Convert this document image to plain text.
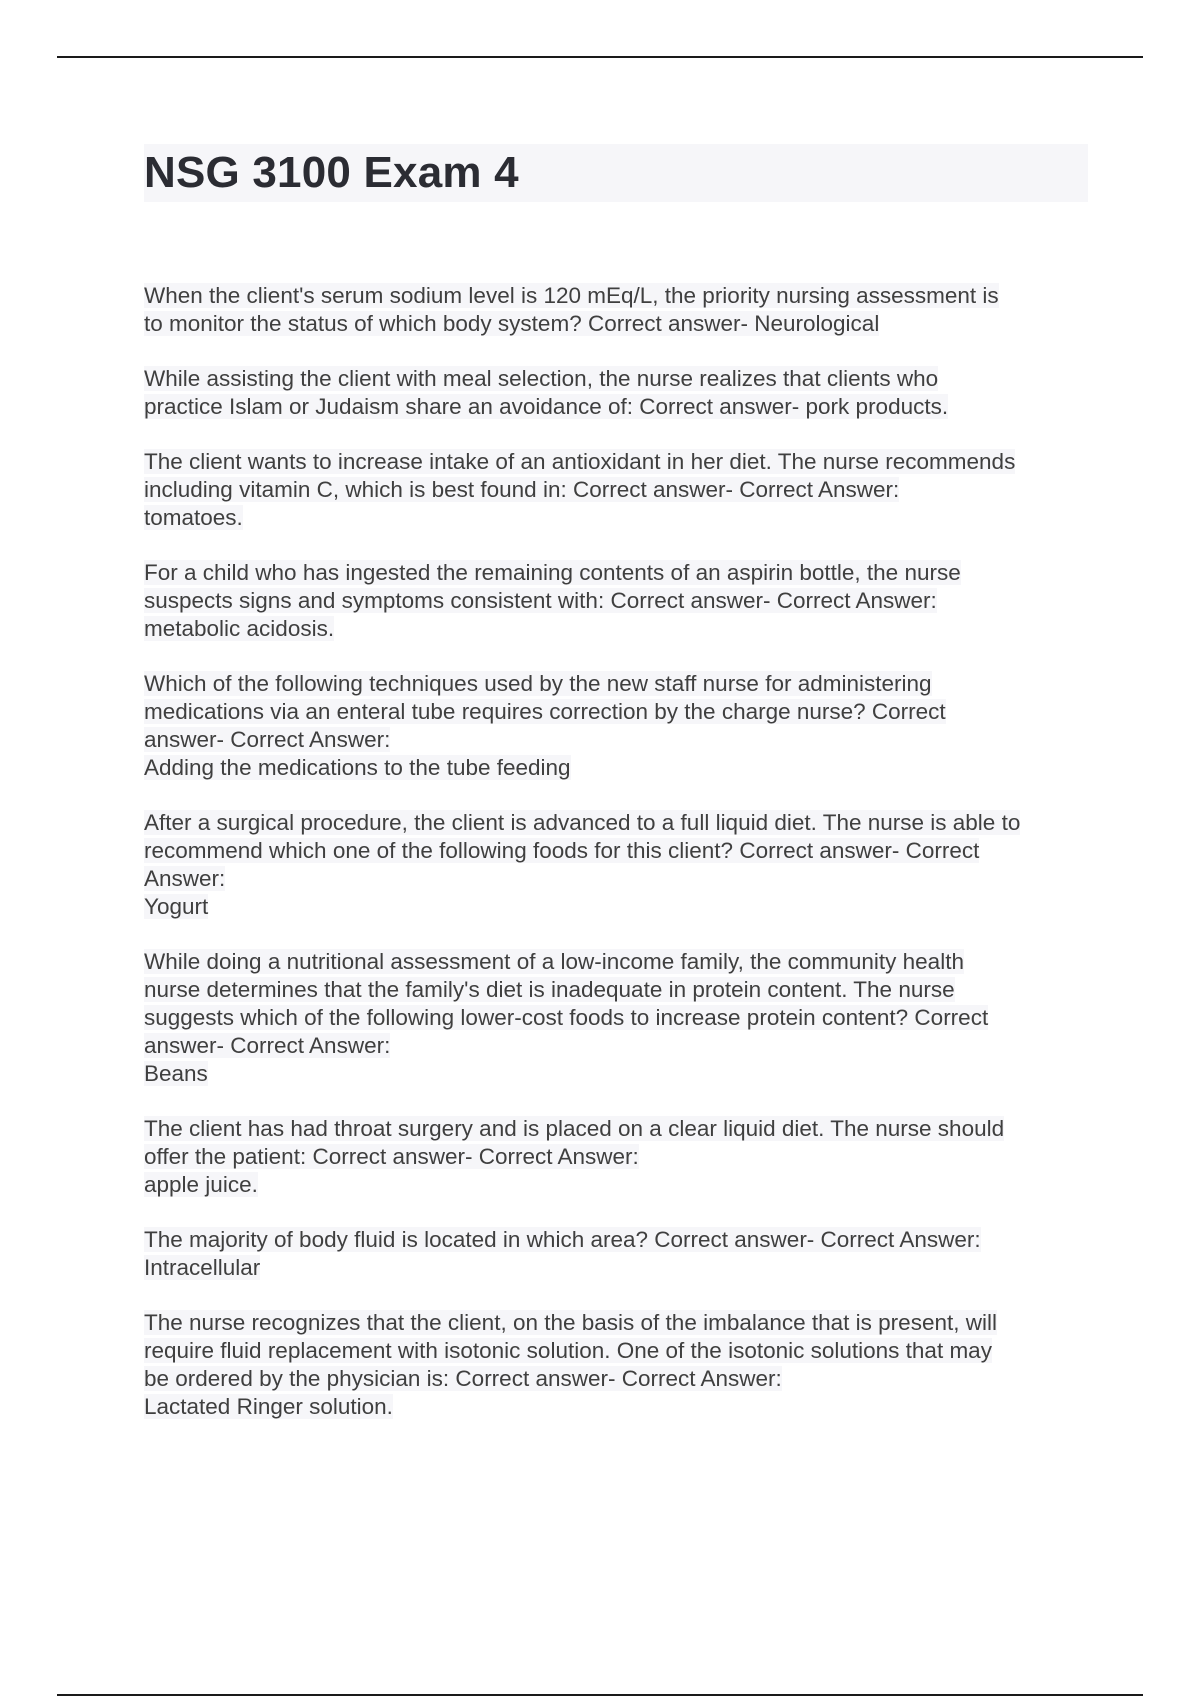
NSG 3100 Exam 4
When the client's serum sodium level is 120 mEq/L, the priority nursing assessment is
to monitor the status of which body system? Correct answer- Neurological
While assisting the client with meal selection, the nurse realizes that clients who
practice Islam or Judaism share an avoidance of: Correct answer- pork products.
The client wants to increase intake of an antioxidant in her diet. The nurse recommends
including vitamin C, which is best found in: Correct answer- Correct Answer:
tomatoes.
For a child who has ingested the remaining contents of an aspirin bottle, the nurse
suspects signs and symptoms consistent with: Correct answer- Correct Answer:
metabolic acidosis.
Which of the following techniques used by the new staff nurse for administering
medications via an enteral tube requires correction by the charge nurse? Correct
answer- Correct Answer:
Adding the medications to the tube feeding
After a surgical procedure, the client is advanced to a full liquid diet. The nurse is able to
recommend which one of the following foods for this client? Correct answer- Correct
Answer:
Yogurt
While doing a nutritional assessment of a low-income family, the community health
nurse determines that the family's diet is inadequate in protein content. The nurse
suggests which of the following lower-cost foods to increase protein content? Correct
answer- Correct Answer:
Beans
The client has had throat surgery and is placed on a clear liquid diet. The nurse should
offer the patient: Correct answer- Correct Answer:
apple juice.
The majority of body fluid is located in which area? Correct answer- Correct Answer:
Intracellular
The nurse recognizes that the client, on the basis of the imbalance that is present, will
require fluid replacement with isotonic solution. One of the isotonic solutions that may
be ordered by the physician is: Correct answer- Correct Answer:
Lactated Ringer solution.
